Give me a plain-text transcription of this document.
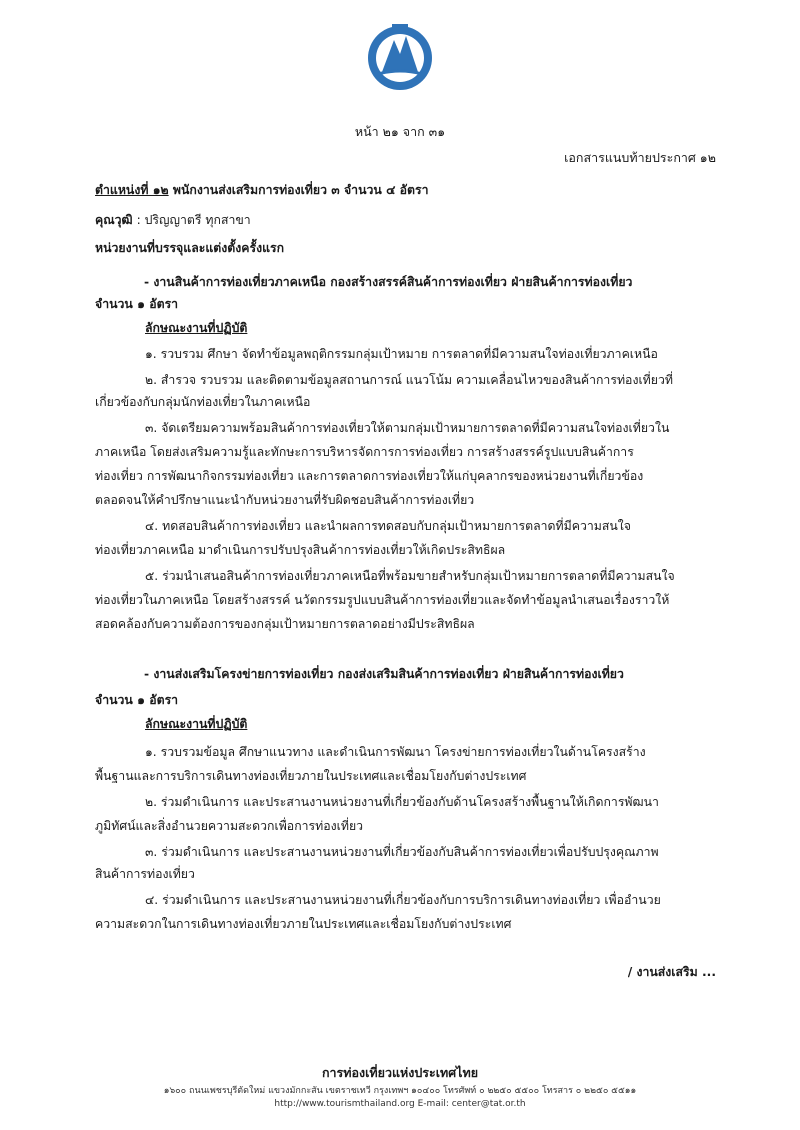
หน้า ๒๑ จาก ๓๑
เอกสารแนบท้ายประกาศ ๑๒
ตำแหน่งที่ ๑๒ พนักงานส่งเสริมการท่องเที่ยว ๓ จำนวน ๔ อัตรา
คุณวุฒิ : ปริญญาตรี ทุกสาขา
หน่วยงานที่บรรจุและแต่งตั้งครั้งแรก
- งานสินค้าการท่องเที่ยวภาคเหนือ กองสร้างสรรค์สินค้าการท่องเที่ยว ฝ่ายสินค้าการท่องเที่ยว
จำนวน ๑ อัตรา
ลักษณะงานที่ปฏิบัติ
๑. รวบรวม ศึกษา จัดทำข้อมูลพฤติกรรมกลุ่มเป้าหมาย การตลาดที่มีความสนใจท่องเที่ยวภาคเหนือ
๒. สำรวจ รวบรวม และติดตามข้อมูลสถานการณ์ แนวโน้ม ความเคลื่อนไหวของสินค้าการท่องเที่ยวที่
เกี่ยวข้องกับกลุ่มนักท่องเที่ยวในภาคเหนือ
๓. จัดเตรียมความพร้อมสินค้าการท่องเที่ยวให้ตามกลุ่มเป้าหมายการตลาดที่มีความสนใจท่องเที่ยวใน
ภาคเหนือ โดยส่งเสริมความรู้และทักษะการบริหารจัดการการท่องเที่ยว การสร้างสรรค์รูปแบบสินค้าการ
ท่องเที่ยว การพัฒนากิจกรรมท่องเที่ยว และการตลาดการท่องเที่ยวให้แก่บุคลากรของหน่วยงานที่เกี่ยวข้อง
ตลอดจนให้คำปรึกษาแนะนำกับหน่วยงานที่รับผิดชอบสินค้าการท่องเที่ยว
๔. ทดสอบสินค้าการท่องเที่ยว และนำผลการทดสอบกับกลุ่มเป้าหมายการตลาดที่มีความสนใจ
ท่องเที่ยวภาคเหนือ มาดำเนินการปรับปรุงสินค้าการท่องเที่ยวให้เกิดประสิทธิผล
๕. ร่วมนำเสนอสินค้าการท่องเที่ยวภาคเหนือที่พร้อมขายสำหรับกลุ่มเป้าหมายการตลาดที่มีความสนใจ
ท่องเที่ยวในภาคเหนือ โดยสร้างสรรค์ นวัตกรรมรูปแบบสินค้าการท่องเที่ยวและจัดทำข้อมูลนำเสนอเรื่องราวให้
สอดคล้องกับความต้องการของกลุ่มเป้าหมายการตลาดอย่างมีประสิทธิผล
- งานส่งเสริมโครงข่ายการท่องเที่ยว กองส่งเสริมสินค้าการท่องเที่ยว ฝ่ายสินค้าการท่องเที่ยว
จำนวน ๑ อัตรา
ลักษณะงานที่ปฏิบัติ
๑. รวบรวมข้อมูล ศึกษาแนวทาง และดำเนินการพัฒนา โครงข่ายการท่องเที่ยวในด้านโครงสร้าง
พื้นฐานและการบริการเดินทางท่องเที่ยวภายในประเทศและเชื่อมโยงกับต่างประเทศ
๒. ร่วมดำเนินการ และประสานงานหน่วยงานที่เกี่ยวข้องกับด้านโครงสร้างพื้นฐานให้เกิดการพัฒนา
ภูมิทัศน์และสิ่งอำนวยความสะดวกเพื่อการท่องเที่ยว
๓. ร่วมดำเนินการ และประสานงานหน่วยงานที่เกี่ยวข้องกับสินค้าการท่องเที่ยวเพื่อปรับปรุงคุณภาพ
สินค้าการท่องเที่ยว
๔. ร่วมดำเนินการ และประสานงานหน่วยงานที่เกี่ยวข้องกับการบริการเดินทางท่องเที่ยว เพื่ออำนวย
ความสะดวกในการเดินทางท่องเที่ยวภายในประเทศและเชื่อมโยงกับต่างประเทศ
/ งานส่งเสริม ...
การท่องเที่ยวแห่งประเทศไทย
๑๖๐๐ ถนนเพชรบุรีตัดใหม่ แขวงมักกะสัน เขตราชเทวี กรุงเทพฯ ๑๐๔๐๐ โทรศัพท์ ๐ ๒๒๕๐ ๕๕๐๐ โทรสาร ๐ ๒๒๕๐ ๕๕๑๑
http://www.tourismthailand.org E-mail: center@tat.or.th
